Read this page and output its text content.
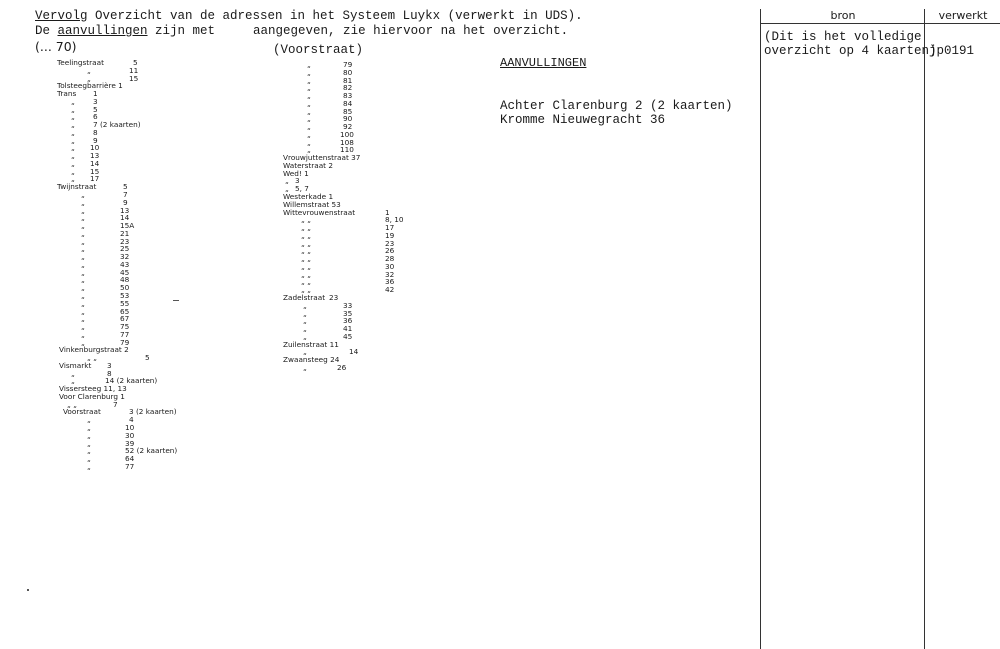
Vervolg Overzicht van de adressen in het Systeem Luykx (verwerkt in UDS).
De aanvullingen zijn met	aangegeven, zie hiervoor na het overzicht.
(... 70)
Teelingstraat	5
„	11
„	15
Tolsteegbarrière 1
Trans 1
„ 3
„ 5
„ 6
„ 7 (2 kaarten)
„ 8
„ 9
„ 10
„ 13
„ 14
„ 15
„ 17
Twijnstraat	5
„	7
„	9
„	13
„	14
„	15A
„	21
„	23
„	25
„	32
„	43
„	45
„	48
„	50
„	53
„	55
„	65
„	67
„	75
„	77
„	79
Vinkenburgstraat 2
„ „	5
Vismarkt 3
„	8
„	14 (2 kaarten)
Vissersteeg 11, 13
Voor Clarenburg 1
„ „	7
Voorstraat	3 (2 kaarten)
„	4
„	10
„	30
„	39
„	52 (2 kaarten)
„	64
„	77
(Voorstraat)
„	79
„	80
„	81
„	82
„	83
„	84
„	85
„	90
„	92
„	100
„	108
„	110
Vrouwjuttenstraat 37
Waterstraat 2
Wed! 1
„ 3
„ 5, 7
Westerkade 1
Willemstraat 53
Wittevrouwenstraat	1
„ „	8, 10
„ „	17
„ „	19
„ „	23
„ „	26
„ „	28
„ „	30
„ „	32
„ „	36
„ „	42
Zadelstraat 23
„	33
„	35
„	36
„	41
„	45
Zuilenstraat 11
„	14
Zwaansteeg 24
„	26
AANVULLINGEN
Achter Clarenburg 2 (2 kaarten)
Kromme Nieuwegracht 36
bron	verwerkt
(Dit is het volledige
overzicht op 4 kaarten)
jp0191
